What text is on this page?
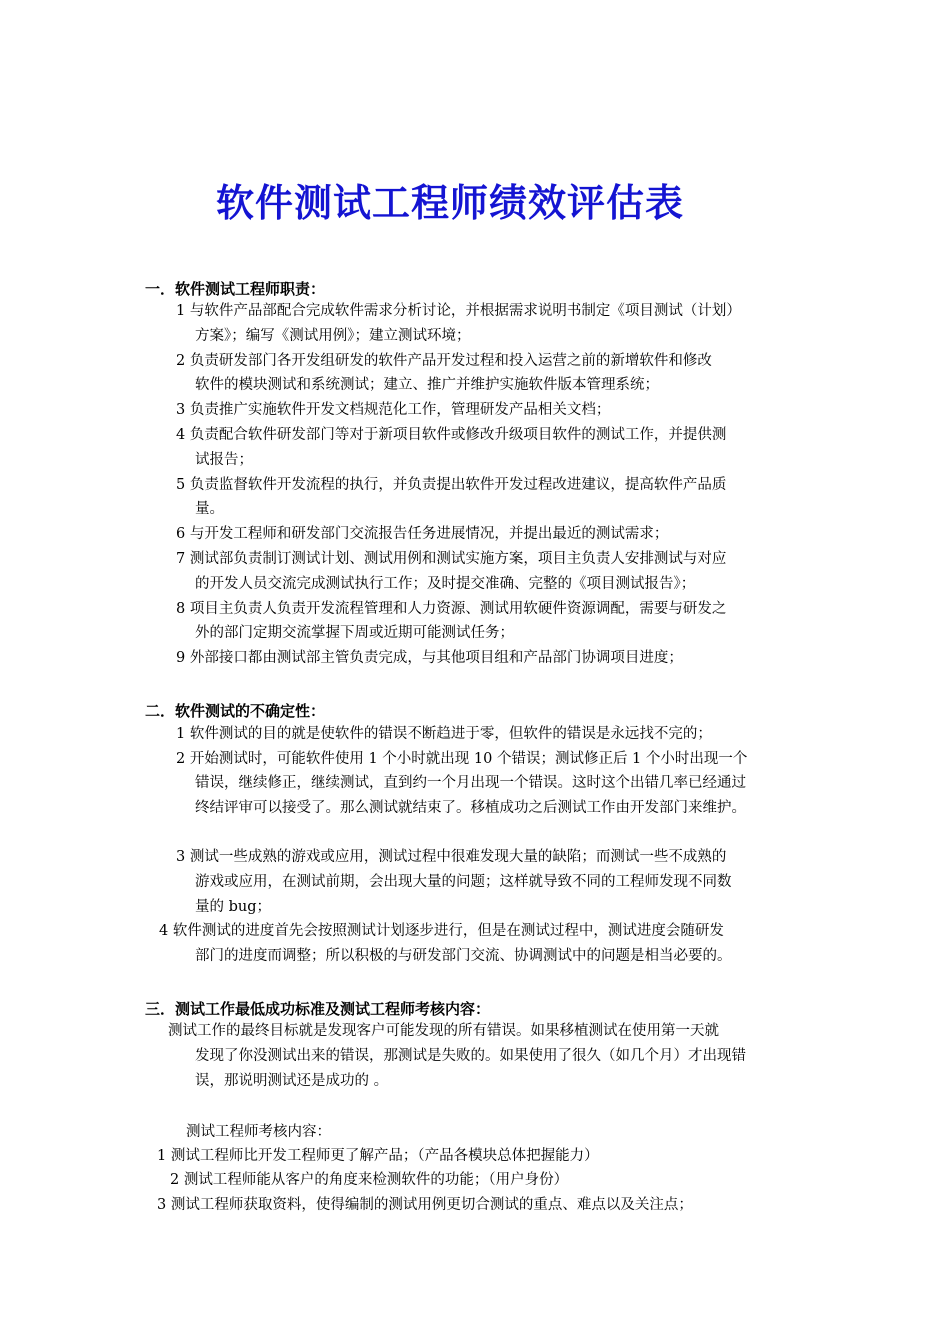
软件测试工程师绩效评估表
一．软件测试工程师职责：
1 与软件产品部配合完成软件需求分析讨论，并根据需求说明书制定《项目测试（计划）
方案》；编写《测试用例》；建立测试环境；
2 负责研发部门各开发组研发的软件产品开发过程和投入运营之前的新增软件和修改
软件的模块测试和系统测试；建立、推广并维护实施软件版本管理系统；
3 负责推广实施软件开发文档规范化工作，管理研发产品相关文档；
4 负责配合软件研发部门等对于新项目软件或修改升级项目软件的测试工作，并提供测
试报告；
5 负责监督软件开发流程的执行，并负责提出软件开发过程改进建议，提高软件产品质
量。
6 与开发工程师和研发部门交流报告任务进展情况，并提出最近的测试需求；
7 测试部负责制订测试计划、测试用例和测试实施方案，项目主负责人安排测试与对应
的开发人员交流完成测试执行工作；及时提交准确、完整的《项目测试报告》；
8 项目主负责人负责开发流程管理和人力资源、测试用软硬件资源调配，需要与研发之
外的部门定期交流掌握下周或近期可能测试任务；
9 外部接口都由测试部主管负责完成，与其他项目组和产品部门协调项目进度；
二．软件测试的不确定性：
1 软件测试的目的就是使软件的错误不断趋进于零，但软件的错误是永远找不完的；
2 开始测试时，可能软件使用 1 个小时就出现 10 个错误；测试修正后 1 个小时出现一个
错误，继续修正，继续测试，直到约一个月出现一个错误。这时这个出错几率已经通过
终结评审可以接受了。那么测试就结束了。移植成功之后测试工作由开发部门来维护。
3 测试一些成熟的游戏或应用，测试过程中很难发现大量的缺陷；而测试一些不成熟的
游戏或应用，在测试前期，会出现大量的问题；这样就导致不同的工程师发现不同数
量的 bug；
4 软件测试的进度首先会按照测试计划逐步进行，但是在测试过程中，测试进度会随研发
部门的进度而调整；所以积极的与研发部门交流、协调测试中的问题是相当必要的。
三．测试工作最低成功标准及测试工程师考核内容：
测试工作的最终目标就是发现客户可能发现的所有错误。如果移植测试在使用第一天就
发现了你没测试出来的错误，那测试是失败的。如果使用了很久（如几个月）才出现错
误，那说明测试还是成功的 。
测试工程师考核内容：
1 测试工程师比开发工程师更了解产品；（产品各模块总体把握能力）
2 测试工程师能从客户的角度来检测软件的功能；（用户身份）
3 测试工程师获取资料，使得编制的测试用例更切合测试的重点、难点以及关注点；
